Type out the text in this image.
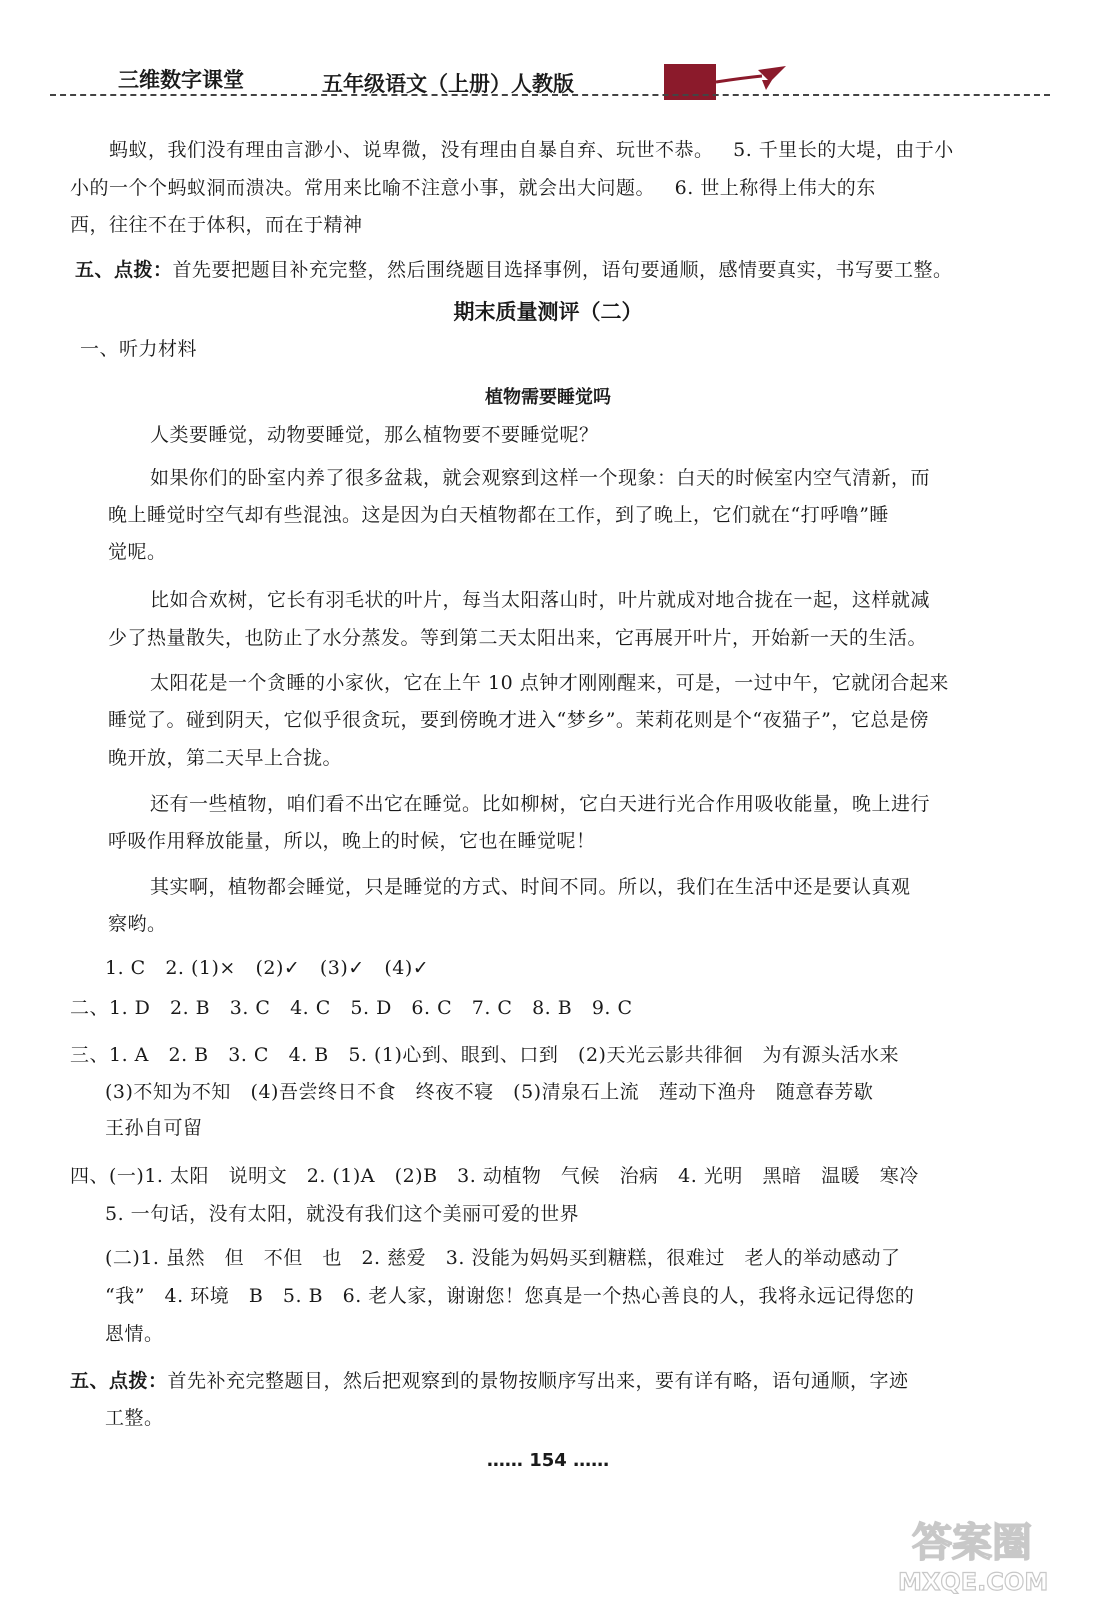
三维数字课堂	五年级语文（上册）人教版
蚂蚁，我们没有理由言渺小、说卑微，没有理由自暴自弃、玩世不恭。   5. 千里长的大堤，由于小
小的一个个蚂蚁洞而溃决。常用来比喻不注意小事，就会出大问题。   6. 世上称得上伟大的东
西，往往不在于体积，而在于精神
五、点拨：首先要把题目补充完整，然后围绕题目选择事例，语句要通顺，感情要真实，书写要工整。
期末质量测评（二）
一、听力材料
植物需要睡觉吗
人类要睡觉，动物要睡觉，那么植物要不要睡觉呢？
如果你们的卧室内养了很多盆栽，就会观察到这样一个现象：白天的时候室内空气清新，而
晚上睡觉时空气却有些混浊。这是因为白天植物都在工作，到了晚上，它们就在“打呼噜”睡
觉呢。
比如合欢树，它长有羽毛状的叶片，每当太阳落山时，叶片就成对地合拢在一起，这样就减
少了热量散失，也防止了水分蒸发。等到第二天太阳出来，它再展开叶片，开始新一天的生活。
太阳花是一个贪睡的小家伙，它在上午 10 点钟才刚刚醒来，可是，一过中午，它就闭合起来
睡觉了。碰到阴天，它似乎很贪玩，要到傍晚才进入“梦乡”。茉莉花则是个“夜猫子”，它总是傍
晚开放，第二天早上合拢。
还有一些植物，咱们看不出它在睡觉。比如柳树，它白天进行光合作用吸收能量，晚上进行
呼吸作用释放能量，所以，晚上的时候，它也在睡觉呢！
其实啊，植物都会睡觉，只是睡觉的方式、时间不同。所以，我们在生活中还是要认真观
察哟。
1. C   2. (1)×   (2)✓   (3)✓   (4)✓
二、1. D   2. B   3. C   4. C   5. D   6. C   7. C   8. B   9. C
三、1. A   2. B   3. C   4. B   5. (1)心到、眼到、口到   (2)天光云影共徘徊   为有源头活水来
(3)不知为不知   (4)吾尝终日不食   终夜不寝   (5)清泉石上流   莲动下渔舟   随意春芳歇
王孙自可留
四、(一)1. 太阳   说明文   2. (1)A   (2)B   3. 动植物   气候   治病   4. 光明   黑暗   温暖   寒冷
5. 一句话，没有太阳，就没有我们这个美丽可爱的世界
(二)1. 虽然   但   不但   也   2. 慈爱   3. 没能为妈妈买到糖糕，很难过   老人的举动感动了
“我”   4. 环境   B   5. B   6. 老人家，谢谢您！您真是一个热心善良的人，我将永远记得您的
恩情。
五、点拨：首先补充完整题目，然后把观察到的景物按顺序写出来，要有详有略，语句通顺，字迹
工整。
…… 154 ……
答案圈
MXQE.COM
